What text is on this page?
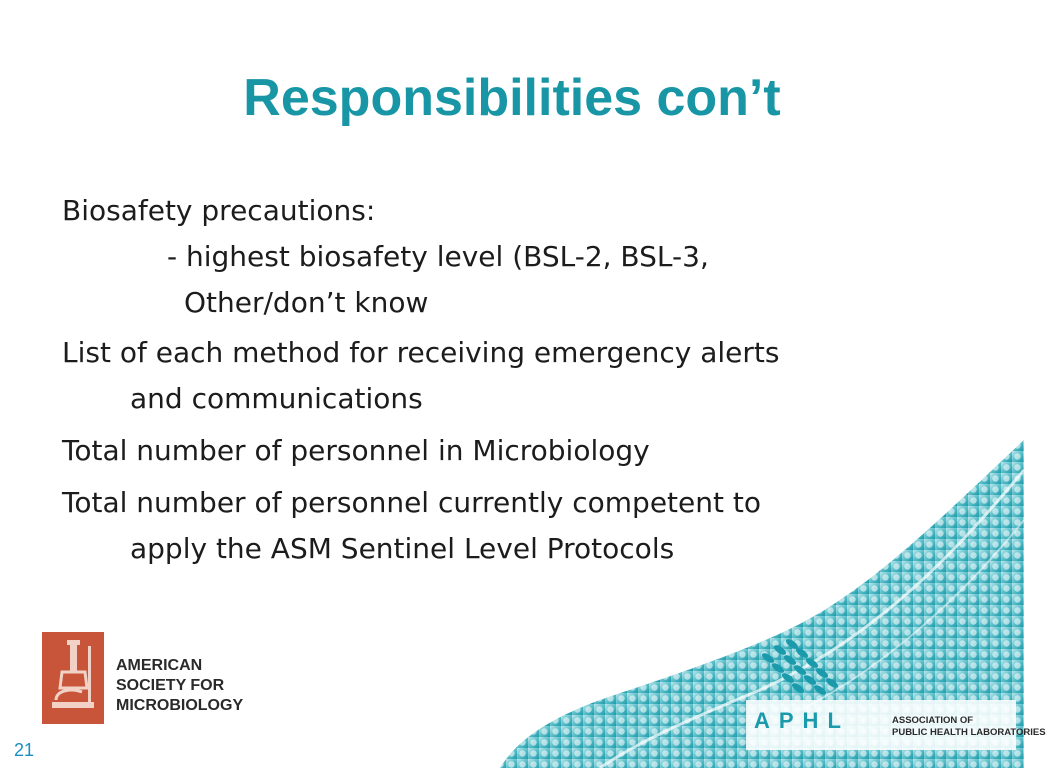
Responsibilities con’t
Biosafety precautions:
- highest biosafety level (BSL-2, BSL-3,
Other/don’t know
List of each method for receiving emergency alerts
and communications
Total number of personnel in Microbiology
Total number of personnel currently competent to
apply the ASM Sentinel Level Protocols
AMERICAN
SOCIETY FOR
MICROBIOLOGY
APHL	ASSOCIATION OF
PUBLIC HEALTH LABORATORIES
21
